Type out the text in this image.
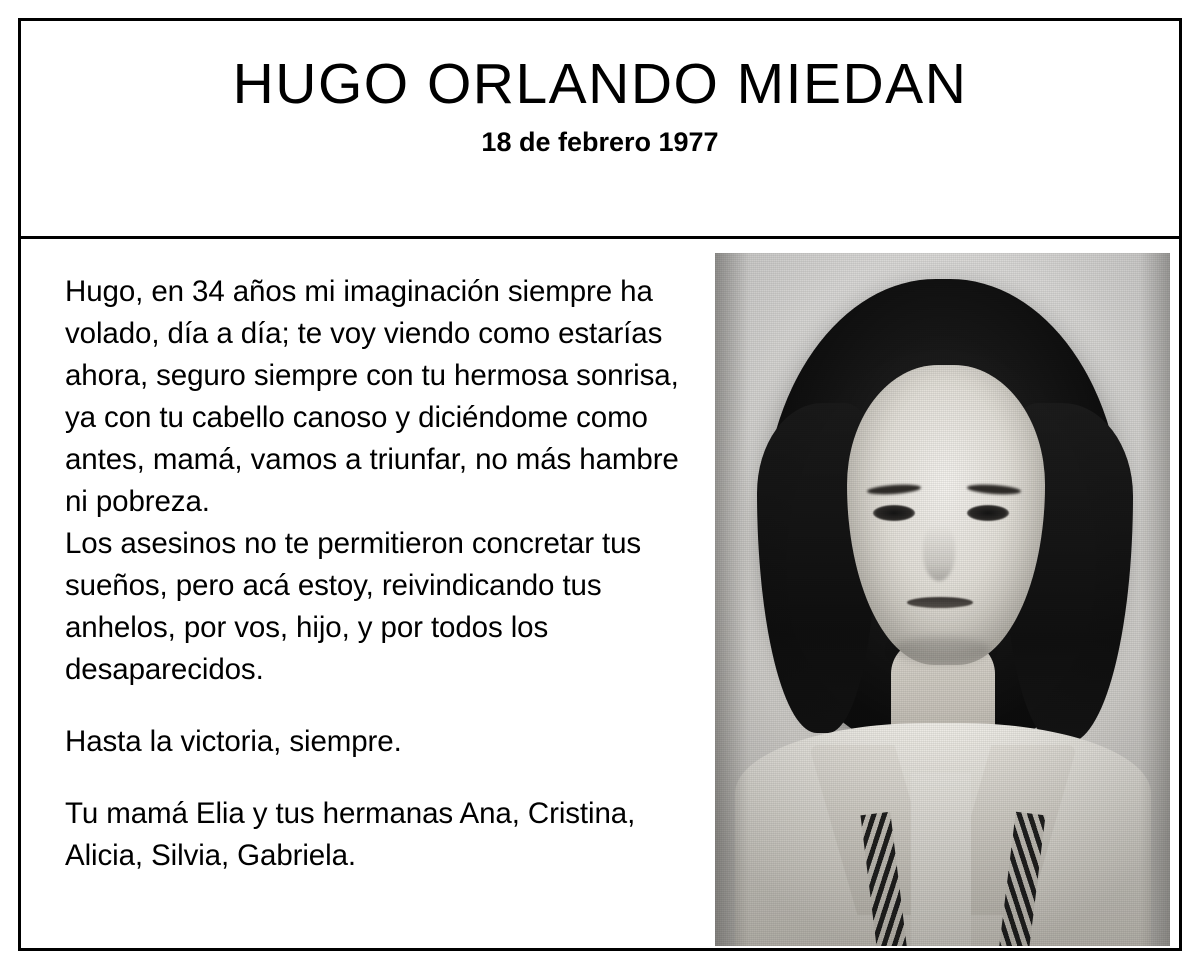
HUGO ORLANDO MIEDAN
18 de febrero 1977

Hugo, en 34 años mi imaginación siempre ha volado, día a día; te voy viendo como estarías ahora, seguro siempre con tu hermosa sonrisa, ya con tu cabello canoso y diciéndome como antes, mamá, vamos a triunfar, no más hambre ni pobreza.

Los asesinos no te permitieron concretar tus sueños, pero acá estoy, reivindicando tus anhelos, por vos, hijo, y por todos los desaparecidos.

Hasta la victoria, siempre.

Tu mamá Elia y tus hermanas Ana, Cristina, Alicia, Silvia, Gabriela.
